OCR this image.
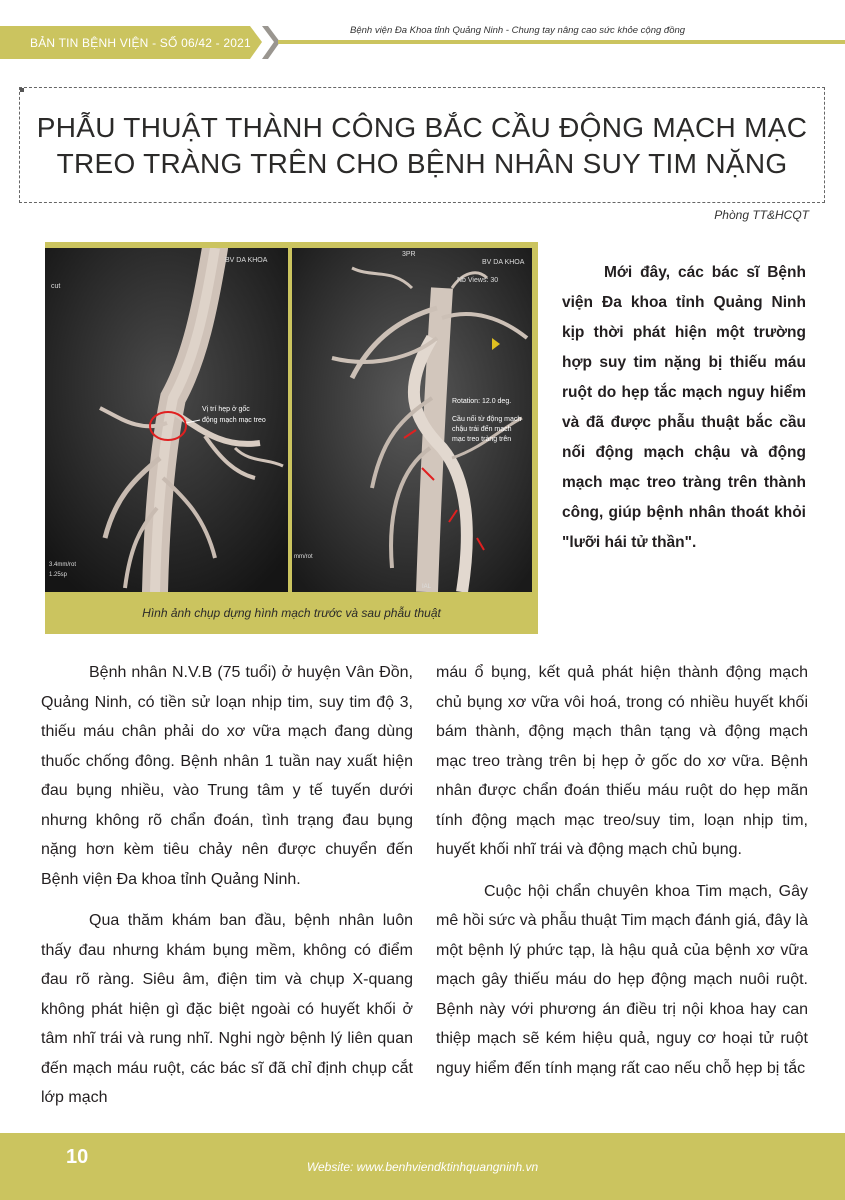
BẢN TIN BỆNH VIỆN - SỐ 06/42 - 2021
Bệnh viện Đa Khoa tỉnh Quảng Ninh - Chung tay nâng cao sức khỏe cộng đồng
PHẪU THUẬT THÀNH CÔNG BẮC CẦU ĐỘNG MẠCH MẠC
TREO TRÀNG TRÊN CHO BỆNH NHÂN SUY TIM NẶNG
Phòng TT&HCQT
cut
BV DA KHOA
Vị trí hẹp ở gốc
động mạch mạc treo
3.4mm/rot
1.25sp
3PR
BV DA KHOA
Nb Views: 30
Rotation: 12.0 deg.
Cầu nối từ động mạch
chậu trái đến mạch
mạc treo tràng trên
mm/rot
IAL
Hình ảnh chụp dựng hình mạch trước và sau phẫu thuật
Mới đây, các bác sĩ Bệnh viện Đa khoa tỉnh Quảng Ninh kịp thời phát hiện một trường hợp suy tim nặng bị thiếu máu ruột do hẹp tắc mạch nguy hiểm và đã được phẫu thuật bắc cầu nối động mạch chậu và động mạch mạc treo tràng trên thành công, giúp bệnh nhân thoát khỏi "lưỡi hái tử thần".

Bệnh nhân N.V.B (75 tuổi) ở huyện Vân Đồn, Quảng Ninh, có tiền sử loạn nhịp tim, suy tim độ 3, thiếu máu chân phải do xơ vữa mạch đang dùng thuốc chống đông. Bệnh nhân 1 tuần nay xuất hiện đau bụng nhiều, vào Trung tâm y tế tuyến dưới nhưng không rõ chẩn đoán, tình trạng đau bụng nặng hơn kèm tiêu chảy nên được chuyển đến Bệnh viện Đa khoa tỉnh Quảng Ninh.

Qua thăm khám ban đầu, bệnh nhân luôn thấy đau nhưng khám bụng mềm, không có điểm đau rõ ràng. Siêu âm, điện tim và chụp X-quang không phát hiện gì đặc biệt ngoài có huyết khối ở tâm nhĩ trái và rung nhĩ. Nghi ngờ bệnh lý liên quan đến mạch máu ruột, các bác sĩ đã chỉ định chụp cắt lớp mạch

máu ổ bụng, kết quả phát hiện thành động mạch chủ bụng xơ vữa vôi hoá, trong có nhiều huyết khối bám thành, động mạch thân tạng và động mạch mạc treo tràng trên bị hẹp ở gốc do xơ vữa. Bệnh nhân được chẩn đoán thiếu máu ruột do hẹp mãn tính động mạch mạc treo/suy tim, loạn nhịp tim, huyết khối nhĩ trái và động mạch chủ bụng.

Cuộc hội chẩn chuyên khoa Tim mạch, Gây mê hồi sức và phẫu thuật Tim mạch đánh giá, đây là một bệnh lý phức tạp, là hậu quả của bệnh xơ vữa mạch gây thiếu máu do hẹp động mạch nuôi ruột. Bệnh này với phương án điều trị nội khoa hay can thiệp mạch sẽ kém hiệu quả, nguy cơ hoại tử ruột nguy hiểm đến tính mạng rất cao nếu chỗ hẹp bị tắc

10	Website: www.benhviendktinhquangninh.vn
